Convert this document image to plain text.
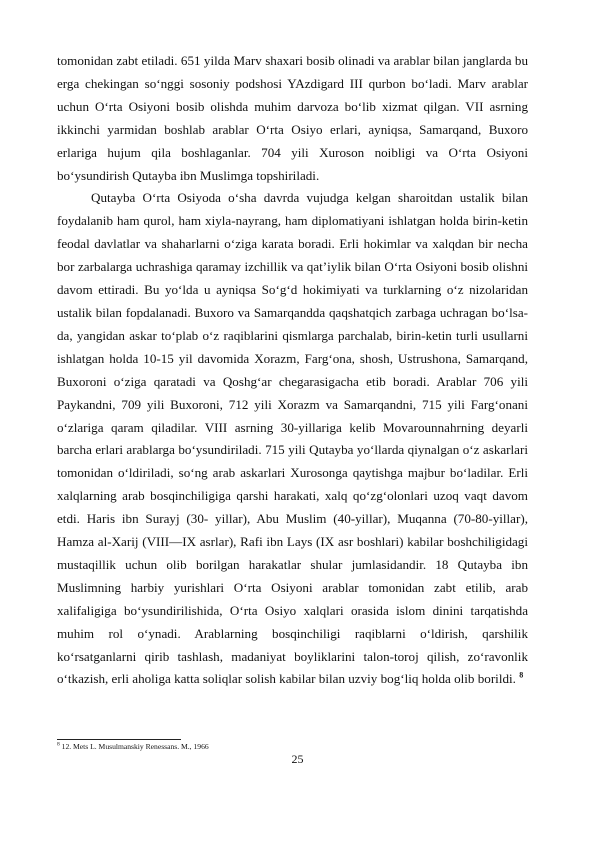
tomonidan zabt etiladi. 651 yilda Marv shaxari bosib olinadi va arablar bilan janglarda bu erga chekingan so‘nggi sosoniy podshosi YAzdigard III qurbon bo‘ladi. Marv arablar uchun O‘rta Osiyoni bosib olishda muhim darvoza bo‘lib xizmat qilgan. VII asrning ikkinchi yarmidan boshlab arablar O‘rta Osiyo erlari, ayniqsa, Samarqand, Buxoro erlariga hujum qila boshlaganlar. 704 yili Xuroson noibligi va O‘rta Osiyoni bo‘ysundirish Qutayba ibn Muslimga topshiriladi.

Qutayba O‘rta Osiyoda o‘sha davrda vujudga kelgan sharoitdan ustalik bilan foydalanib ham qurol, ham xiyla-nayrang, ham diplomatiyani ishlatgan holda birin-ketin feodal davlatlar va shaharlarni o‘ziga karata boradi. Erli hokimlar va xalqdan bir necha bor zarbalarga uchrashiga qaramay izchillik va qat’iylik bilan O‘rta Osiyoni bosib olishni davom ettiradi. Bu yo‘lda u ayniqsa So‘g‘d hokimiyati va turklarning o‘z nizolaridan ustalik bilan fopdalanadi. Buxoro va Samarqandda qaqshatqich zarbaga uchragan bo‘lsa-da, yangidan askar to‘plab o‘z raqiblarini qismlarga parchalab, birin-ketin turli usullarni ishlatgan holda 10-15 yil davomida Xorazm, Farg‘ona, shosh, Ustrushona, Samarqand, Buxoroni o‘ziga qaratadi va Qoshg‘ar chegarasigacha etib boradi. Arablar 706 yili Paykandni, 709 yili Buxoroni, 712 yili Xorazm va Samarqandni, 715 yili Farg‘onani o‘zlariga qaram qiladilar. VIII asrning 30-yillariga kelib Movarounnahrning deyarli barcha erlari arablarga bo‘ysundiriladi. 715 yili Qutayba yo‘llarda qiynalgan o‘z askarlari tomonidan o‘ldiriladi, so‘ng arab askarlari Xurosonga qaytishga majbur bo‘ladilar. Erli xalqlarning arab bosqinchiligiga qarshi harakati, xalq qo‘zg‘olonlari uzoq vaqt davom etdi. Haris ibn Surayj (30- yillar), Abu Muslim (40-yillar), Muqanna (70-80-yillar), Hamza al-Xarij (VIII—IX asrlar), Rafi ibn Lays (IX asr boshlari) kabilar boshchiligidagi mustaqillik uchun olib borilgan harakatlar shular jumlasidandir. 18 Qutayba ibn Muslimning harbiy yurishlari O‘rta Osiyoni arablar tomonidan zabt etilib, arab xalifaligiga bo‘ysundirilishida, O‘rta Osiyo xalqlari orasida islom dinini tarqatishda muhim rol o‘ynadi. Arablarning bosqinchiligi raqiblarni o‘ldirish, qarshilik ko‘rsatganlarni qirib tashlash, madaniyat boyliklarini talon-toroj qilish, zo‘ravonlik o‘tkazish, erli aholiga katta soliqlar solish kabilar bilan uzviy bog‘liq holda olib borildi. $^8$

$^8$ 12. Mets L. Musulmanskiy Renessans. M., 1966
25
